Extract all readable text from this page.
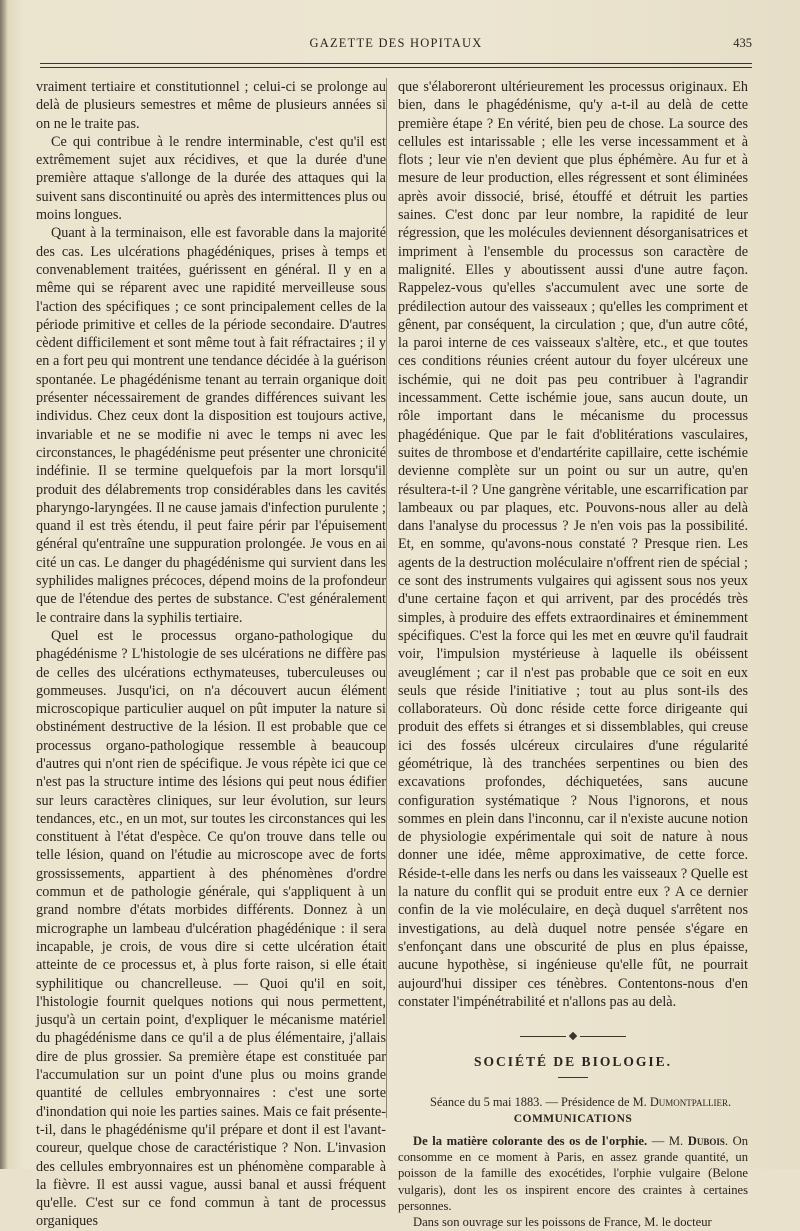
GAZETTE DES HOPITAUX	435

vraiment tertiaire et constitutionnel ; celui-ci se prolonge au delà de plusieurs semestres et même de plusieurs années si on ne le traite pas.

Ce qui contribue à le rendre interminable, c'est qu'il est extrêmement sujet aux récidives, et que la durée d'une première attaque s'allonge de la durée des attaques qui la suivent sans discontinuité ou après des intermittences plus ou moins longues.

Quant à la terminaison, elle est favorable dans la majorité des cas. Les ulcérations phagédéniques, prises à temps et convenablement traitées, guérissent en général. Il y en a même qui se réparent avec une rapidité merveilleuse sous l'action des spécifiques ; ce sont principalement celles de la période primitive et celles de la période secondaire. D'autres cèdent difficilement et sont même tout à fait réfractaires ; il y en a fort peu qui montrent une tendance décidée à la guérison spontanée. Le phagédénisme tenant au terrain organique doit présenter nécessairement de grandes différences suivant les individus. Chez ceux dont la disposition est toujours active, invariable et ne se modifie ni avec le temps ni avec les circonstances, le phagédénisme peut présenter une chronicité indéfinie. Il se termine quelquefois par la mort lorsqu'il produit des délabrements trop considérables dans les cavités pharyngo-laryngées. Il ne cause jamais d'infection purulente ; quand il est très étendu, il peut faire périr par l'épuisement général qu'entraîne une suppuration prolongée. Je vous en ai cité un cas. Le danger du phagédénisme qui survient dans les syphilides malignes précoces, dépend moins de la profondeur que de l'étendue des pertes de substance. C'est généralement le contraire dans la syphilis tertiaire.

Quel est le processus organo-pathologique du phagédénisme ? L'histologie de ses ulcérations ne diffère pas de celles des ulcérations ecthymateuses, tuberculeuses ou gommeuses. Jusqu'ici, on n'a découvert aucun élément microscopique particulier auquel on pût imputer la nature si obstinément destructive de la lésion. Il est probable que ce processus organo-pathologique ressemble à beaucoup d'autres qui n'ont rien de spécifique. Je vous répète ici que ce n'est pas la structure intime des lésions qui peut nous édifier sur leurs caractères cliniques, sur leur évolution, sur leurs tendances, etc., en un mot, sur toutes les circonstances qui les constituent à l'état d'espèce. Ce qu'on trouve dans telle ou telle lésion, quand on l'étudie au microscope avec de forts grossissements, appartient à des phénomènes d'ordre commun et de pathologie générale, qui s'appliquent à un grand nombre d'états morbides différents. Donnez à un micrographe un lambeau d'ulcération phagédénique : il sera incapable, je crois, de vous dire si cette ulcération était atteinte de ce processus et, à plus forte raison, si elle était syphilitique ou chancrelleuse. — Quoi qu'il en soit, l'histologie fournit quelques notions qui nous permettent, jusqu'à un certain point, d'expliquer le mécanisme matériel du phagédénisme dans ce qu'il a de plus élémentaire, j'allais dire de plus grossier. Sa première étape est constituée par l'accumulation sur un point d'une plus ou moins grande quantité de cellules embryonnaires : c'est une sorte d'inondation qui noie les parties saines. Mais ce fait présente-t-il, dans le phagédénisme qu'il prépare et dont il est l'avant-coureur, quelque chose de caractéristique ? Non. L'invasion des cellules embryonnaires est un phénomène comparable à la fièvre. Il est aussi vague, aussi banal et aussi fréquent qu'elle. C'est sur ce fond commun à tant de processus organiques

que s'élaboreront ultérieurement les processus originaux. Eh bien, dans le phagédénisme, qu'y a-t-il au delà de cette première étape ? En vérité, bien peu de chose. La source des cellules est intarissable ; elle les verse incessamment et à flots ; leur vie n'en devient que plus éphémère. Au fur et à mesure de leur production, elles régressent et sont éliminées après avoir dissocié, brisé, étouffé et détruit les parties saines. C'est donc par leur nombre, la rapidité de leur régression, que les molécules deviennent désorganisatrices et impriment à l'ensemble du processus son caractère de malignité. Elles y aboutissent aussi d'une autre façon. Rappelez-vous qu'elles s'accumulent avec une sorte de prédilection autour des vaisseaux ; qu'elles les compriment et gênent, par conséquent, la circulation ; que, d'un autre côté, la paroi interne de ces vaisseaux s'altère, etc., et que toutes ces conditions réunies créent autour du foyer ulcéreux une ischémie, qui ne doit pas peu contribuer à l'agrandir incessamment. Cette ischémie joue, sans aucun doute, un rôle important dans le mécanisme du processus phagédénique. Que par le fait d'oblitérations vasculaires, suites de thrombose et d'endartérite capillaire, cette ischémie devienne complète sur un point ou sur un autre, qu'en résultera-t-il ? Une gangrène véritable, une escarrification par lambeaux ou par plaques, etc. Pouvons-nous aller au delà dans l'analyse du processus ? Je n'en vois pas la possibilité. Et, en somme, qu'avons-nous constaté ? Presque rien. Les agents de la destruction moléculaire n'offrent rien de spécial ; ce sont des instruments vulgaires qui agissent sous nos yeux d'une certaine façon et qui arrivent, par des procédés très simples, à produire des effets extraordinaires et éminemment spécifiques. C'est la force qui les met en œuvre qu'il faudrait voir, l'impulsion mystérieuse à laquelle ils obéissent aveuglément ; car il n'est pas probable que ce soit en eux seuls que réside l'initiative ; tout au plus sont-ils des collaborateurs. Où donc réside cette force dirigeante qui produit des effets si étranges et si dissemblables, qui creuse ici des fossés ulcéreux circulaires d'une régularité géométrique, là des tranchées serpentines ou bien des excavations profondes, déchiquetées, sans aucune configuration systématique ? Nous l'ignorons, et nous sommes en plein dans l'inconnu, car il n'existe aucune notion de physiologie expérimentale qui soit de nature à nous donner une idée, même approximative, de cette force. Réside-t-elle dans les nerfs ou dans les vaisseaux ? Quelle est la nature du conflit qui se produit entre eux ? A ce dernier confin de la vie moléculaire, en deçà duquel s'arrêtent nos investigations, au delà duquel notre pensée s'égare en s'enfonçant dans une obscurité de plus en plus épaisse, aucune hypothèse, si ingénieuse qu'elle fût, ne pourrait aujourd'hui dissiper ces ténèbres. Contentons-nous d'en constater l'impénétrabilité et n'allons pas au delà.

SOCIÉTÉ DE BIOLOGIE.

Séance du 5 mai 1883. — Présidence de M. Dumontpallier.

COMMUNICATIONS

De la matière colorante des os de l'orphie. — M. Dubois. On consomme en ce moment à Paris, en assez grande quantité, un poisson de la famille des exocétides, l'orphie vulgaire (Belone vulgaris), dont les os inspirent encore des craintes à certaines personnes.

Dans son ouvrage sur les poissons de France, M. le docteur
